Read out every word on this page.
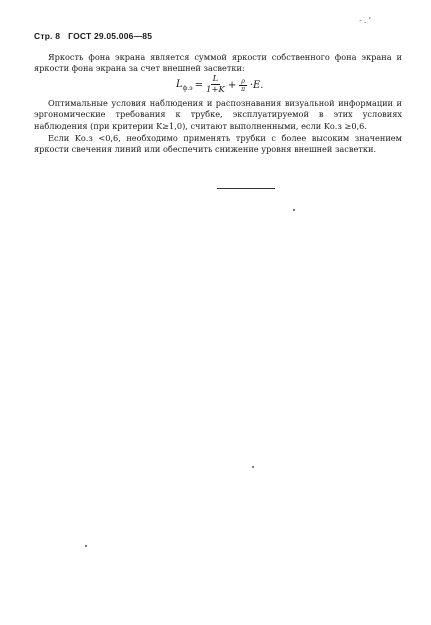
-.’
Стр. 8 ГОСТ 29.05.006—85

Яркость фона экрана является суммой яркости собственного фона экрана и яркости фона экрана за счет внешней засветки:

$L_{ф.э} = \frac{L}{1+K} + \frac{\rho}{\pi} \cdot E$.

Оптимальные условия наблюдения и распознавания визуальной информации и эргономические требования к трубке, эксплуатируемой в этих условиях наблюдения (при критерии K≥1,0), считают выполненными, если Kо.з ≥0,6.

Если Kо.з <0,6, необходимо применять трубки с более высоким значением яркости свечения линий или обеспечить снижение уровня внешней засветки.
